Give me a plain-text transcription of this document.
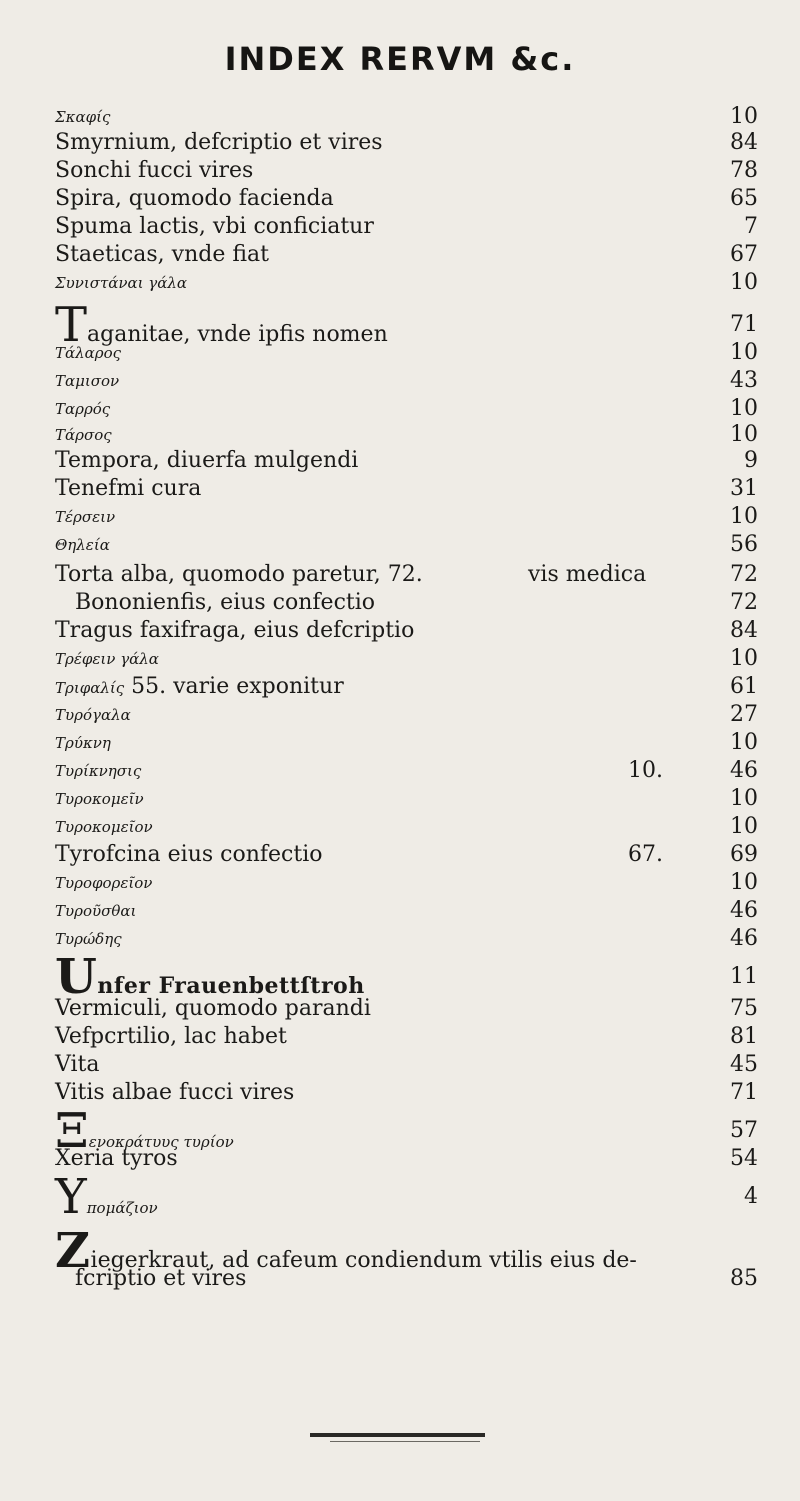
INDEX RERVM &c.
Σκαφίς	10
Smyrnium, defcriptio et vires	84
Sonchi fucci vires	78
Spira, quomodo facienda	65
Spuma lactis, vbi conficiatur	7
Staeticas, vnde fiat	67
Συνιστάναι γάλα	10
Taganitae, vnde ipfis nomen	71
Τάλαρος	10
Ταμισον	43
Ταρρός	10
Τάρσος	10
Tempora, diuerfa mulgendi	9
Tenefmi cura	31
Τέρσειν	10
Θηλεία	56
Torta alba, quomodo paretur, 72.	vis medica	72
Bononienfis, eius confectio	72
Tragus faxifraga, eius defcriptio	84
Τρέφειν γάλα	10
Τριφαλίς 55. varie exponitur	61
Τυρόγαλα	27
Τρύκνη	10
Τυρίκνησις	10.	46
Τυροκομεῖν	10
Τυροκομεῖον	10
Tyrofcina eius confectio	67.	69
Τυροφορεῖον	10
Τυροῦσθαι	46
Τυρώδης	46
Unfer Frauenbettſtroh	11
Vermiculi, quomodo parandi	75
Vefpcrtilio, lac habet	81
Vita	45
Vitis albae fucci vires	71
Ξενοκράτυυς τυρίον	57
Xeria tyros	54
Υπομάζιον	4
Ziegerkraut, ad cafeum condiendum vtilis eius de-
fcriptio et vires	85
